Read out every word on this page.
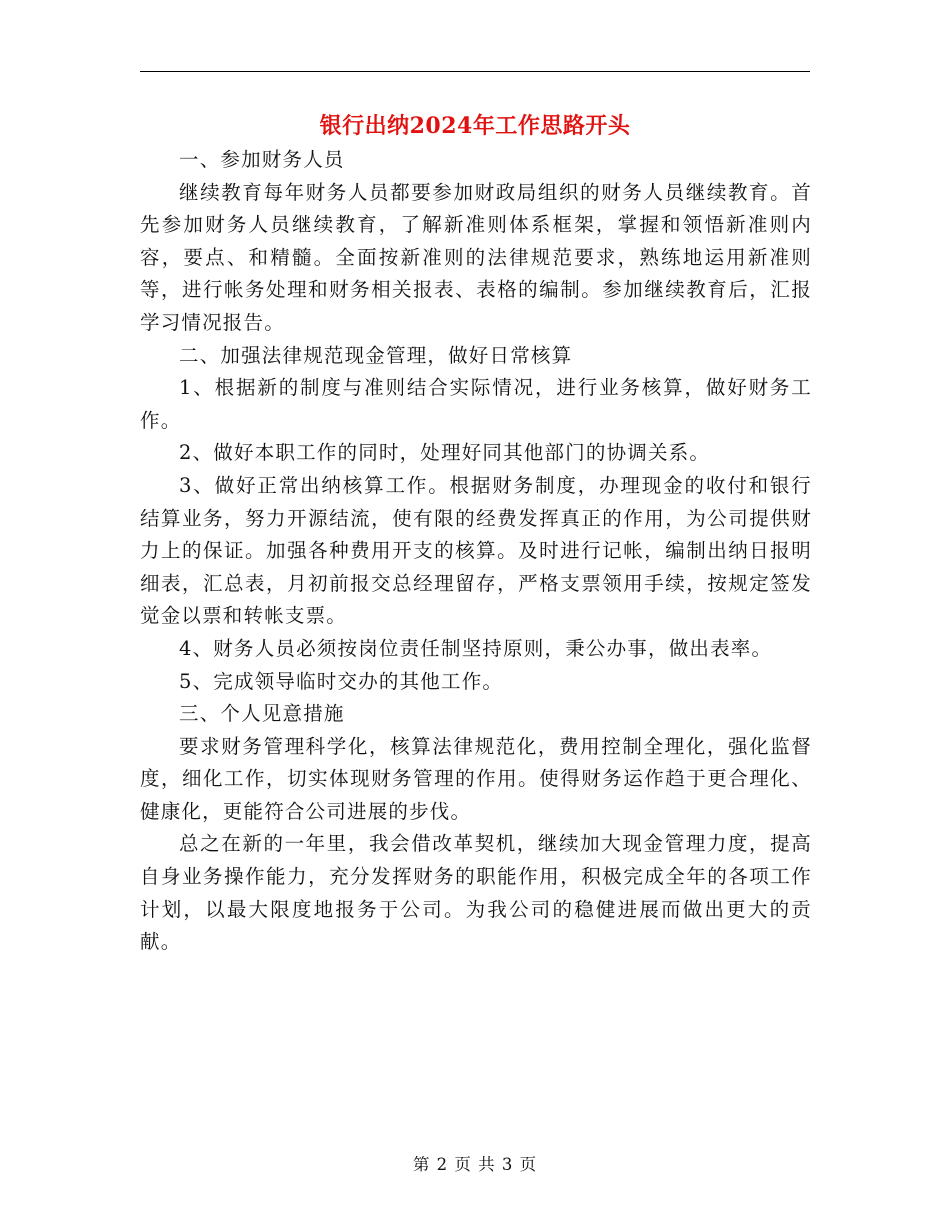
银行出纳2024年工作思路开头

一、参加财务人员

继续教育每年财务人员都要参加财政局组织的财务人员继续教育。首先参加财务人员继续教育，了解新准则体系框架，掌握和领悟新准则内容，要点、和精髓。全面按新准则的法律规范要求，熟练地运用新准则等，进行帐务处理和财务相关报表、表格的编制。参加继续教育后，汇报学习情况报告。

二、加强法律规范现金管理，做好日常核算

1、根据新的制度与准则结合实际情况，进行业务核算，做好财务工作。

2、做好本职工作的同时，处理好同其他部门的协调关系。

3、做好正常出纳核算工作。根据财务制度，办理现金的收付和银行结算业务，努力开源结流，使有限的经费发挥真正的作用，为公司提供财力上的保证。加强各种费用开支的核算。及时进行记帐，编制出纳日报明细表，汇总表，月初前报交总经理留存，严格支票领用手续，按规定签发觉金以票和转帐支票。

4、财务人员必须按岗位责任制坚持原则，秉公办事，做出表率。

5、完成领导临时交办的其他工作。

三、个人见意措施

要求财务管理科学化，核算法律规范化，费用控制全理化，强化监督度，细化工作，切实体现财务管理的作用。使得财务运作趋于更合理化、健康化，更能符合公司进展的步伐。

总之在新的一年里，我会借改革契机，继续加大现金管理力度，提高自身业务操作能力，充分发挥财务的职能作用，积极完成全年的各项工作计划，以最大限度地报务于公司。为我公司的稳健进展而做出更大的贡献。

第 2 页 共 3 页
